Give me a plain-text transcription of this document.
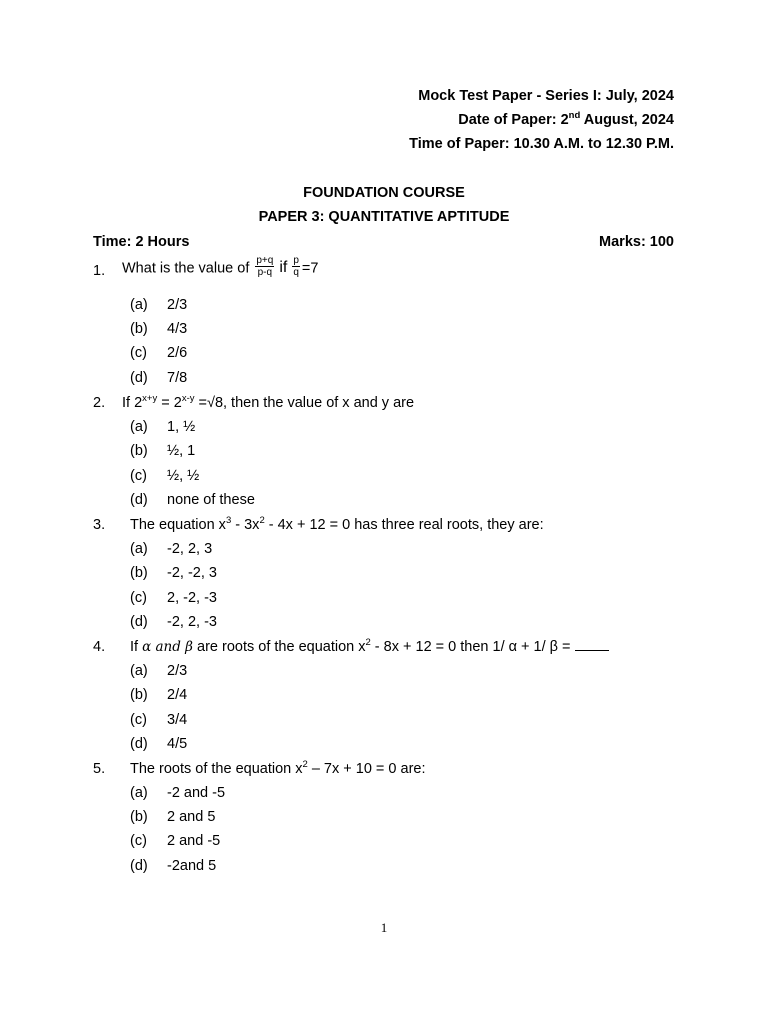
Mock Test Paper - Series I: July, 2024
Date of Paper: 2nd August, 2024
Time of Paper: 10.30 A.M. to 12.30 P.M.
FOUNDATION COURSE
PAPER 3: QUANTITATIVE APTITUDE
Time: 2 Hours	Marks: 100
1. What is the value of $\frac{p+q}{p-q}$ if $\frac{p}{q} =7$
(a) 2/3
(b) 4/3
(c) 2/6
(d) 7/8
2. If $2^{x+y} = 2^{x-y} =√8$, then the value of x and y are
(a) 1, ½
(b) ½, 1
(c) ½, ½
(d) none of these
3. The equation $x^3 - 3x^2 - 4x + 12 = 0$ has three real roots, they are:
(a) -2, 2, 3
(b) -2, -2, 3
(c) 2, -2, -3
(d) -2, 2, -3
4. If α and β are roots of the equation $x^2 - 8x + 12 = 0$ then 1/ α + 1/ β =
(a) 2/3
(b) 2/4
(c) 3/4
(d) 4/5
5. The roots of the equation $x^2 - 7x + 10 = 0$ are:
(a) -2 and -5
(b) 2 and 5
(c) 2 and -5
(d) -2and 5
1
